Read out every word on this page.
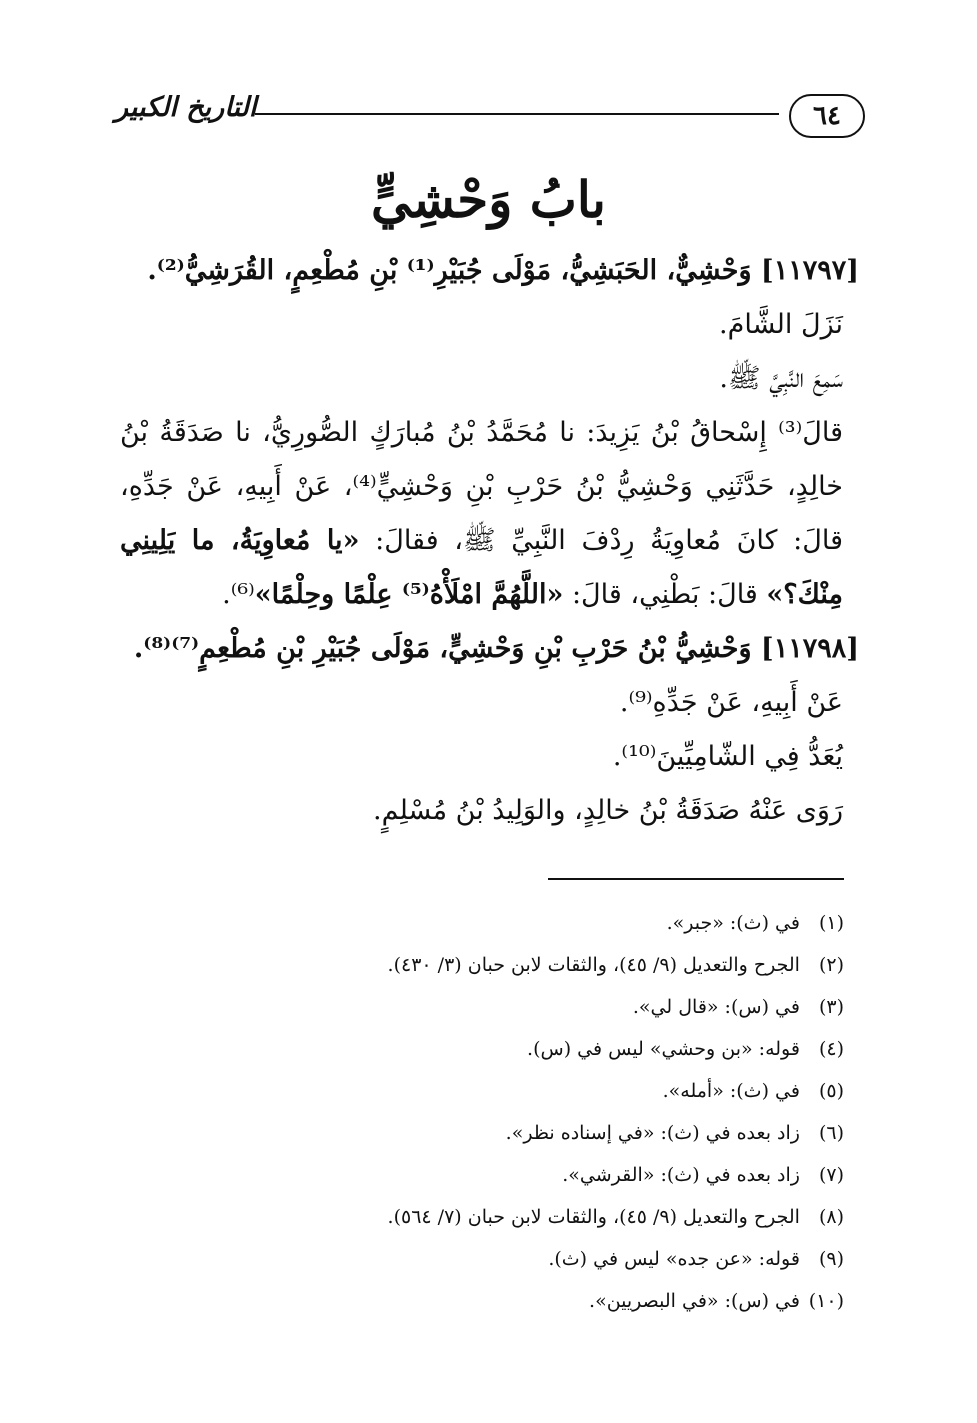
٦٤
التاريخ الكبير
بابُ وَحْشِيٍّ

[١١٧٩٧] وَحْشِيٌّ، الحَبَشِيُّ، مَوْلَى جُبَيْرِ⁽¹⁾ بْنِ مُطْعِمٍ، القُرَشِيُّ⁽²⁾.

نَزَلَ الشَّامَ.

سَمِعَ النَّبِيَّ ﷺ.

قالَ⁽³⁾ إِسْحاقُ بْنُ يَزِيدَ: نا مُحَمَّدُ بْنُ مُبارَكٍ الصُّورِيُّ، نا صَدَقَةُ بْنُ خالِدٍ، حَدَّثَنِي وَحْشِيُّ بْنُ حَرْبِ بْنِ وَحْشِيٍّ⁽⁴⁾، عَنْ أَبِيهِ، عَنْ جَدِّهِ، قالَ: كانَ مُعاوِيَةُ رِدْفَ النَّبِيِّ ﷺ، فقالَ: «يا مُعاوِيَةُ، ما يَلِينِي مِنْكَ؟» قالَ: بَطْنِي، قالَ: «اللَّهُمَّ امْلَأْهُ⁽⁵⁾ عِلْمًا وحِلْمًا»⁽⁶⁾.

[١١٧٩٨] وَحْشِيُّ بْنُ حَرْبِ بْنِ وَحْشِيٍّ، مَوْلَى جُبَيْرِ بْنِ مُطْعِمٍ⁽⁷⁾⁽⁸⁾.

عَنْ أَبِيهِ، عَنْ جَدِّهِ⁽⁹⁾.

يُعَدُّ فِي الشّامِيِّينَ⁽¹⁰⁾.

رَوَى عَنْهُ صَدَقَةُ بْنُ خالِدٍ، والوَلِيدُ بْنُ مُسْلِمٍ.

(١) في (ث): «جبر».
(٢) الجرح والتعديل (٩/ ٤٥)، والثقات لابن حبان (٣/ ٤٣٠).
(٣) في (س): «قال لي».
(٤) قوله: «بن وحشي» ليس في (س).
(٥) في (ث): «أمله».
(٦) زاد بعده في (ث): «في إسناده نظر».
(٧) زاد بعده في (ث): «القرشي».
(٨) الجرح والتعديل (٩/ ٤٥)، والثقات لابن حبان (٧/ ٥٦٤).
(٩) قوله: «عن جده» ليس في (ث).
(١٠) في (س): «في البصريين».
